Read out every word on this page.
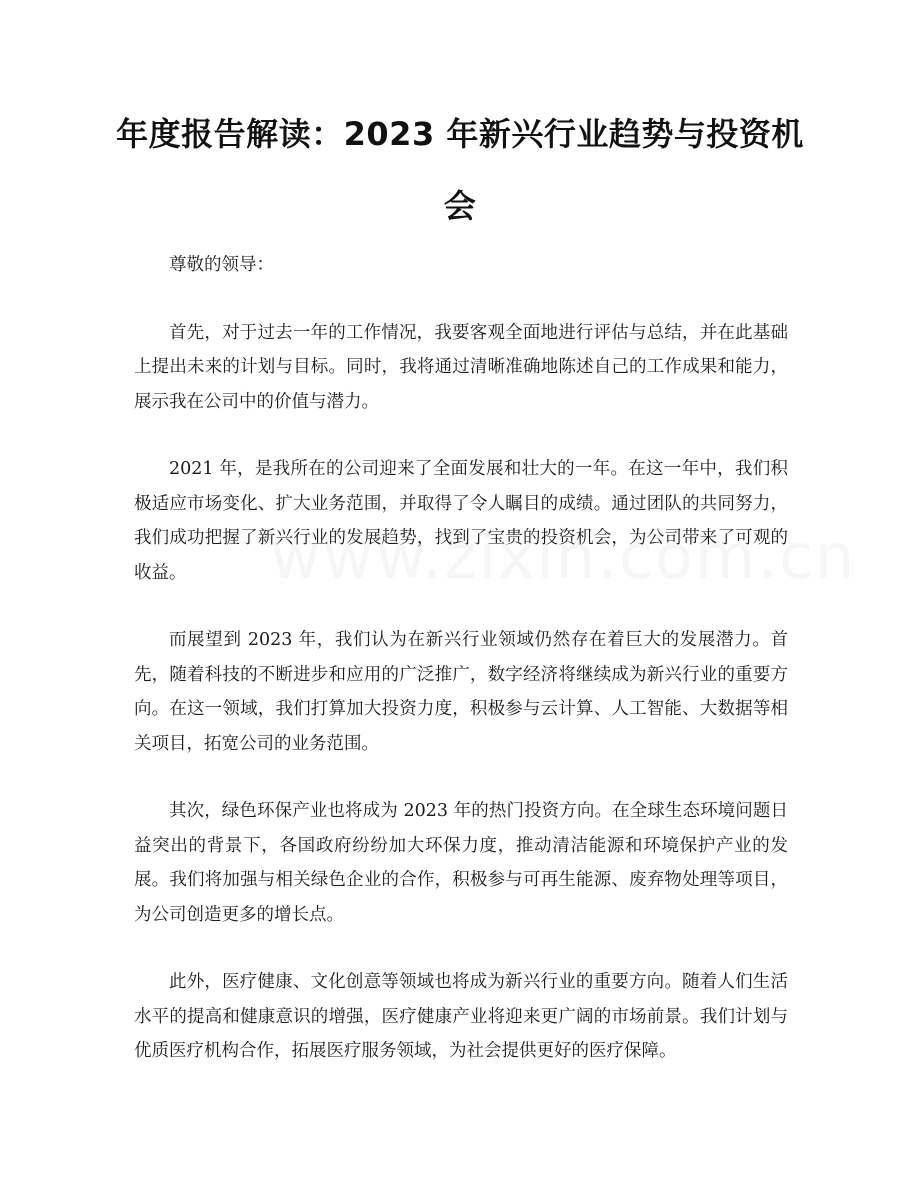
年度报告解读：2023 年新兴行业趋势与投资机会

尊敬的领导：

首先，对于过去一年的工作情况，我要客观全面地进行评估与总结，并在此基础上提出未来的计划与目标。同时，我将通过清晰准确地陈述自己的工作成果和能力，展示我在公司中的价值与潜力。

2021 年，是我所在的公司迎来了全面发展和壮大的一年。在这一年中，我们积极适应市场变化、扩大业务范围，并取得了令人瞩目的成绩。通过团队的共同努力，我们成功把握了新兴行业的发展趋势，找到了宝贵的投资机会，为公司带来了可观的收益。

而展望到 2023 年，我们认为在新兴行业领域仍然存在着巨大的发展潜力。首先，随着科技的不断进步和应用的广泛推广，数字经济将继续成为新兴行业的重要方向。在这一领域，我们打算加大投资力度，积极参与云计算、人工智能、大数据等相关项目，拓宽公司的业务范围。

其次，绿色环保产业也将成为 2023 年的热门投资方向。在全球生态环境问题日益突出的背景下，各国政府纷纷加大环保力度，推动清洁能源和环境保护产业的发展。我们将加强与相关绿色企业的合作，积极参与可再生能源、废弃物处理等项目，为公司创造更多的增长点。

此外，医疗健康、文化创意等领域也将成为新兴行业的重要方向。随着人们生活水平的提高和健康意识的增强，医疗健康产业将迎来更广阔的市场前景。我们计划与优质医疗机构合作，拓展医疗服务领域，为社会提供更好的医疗保障。
